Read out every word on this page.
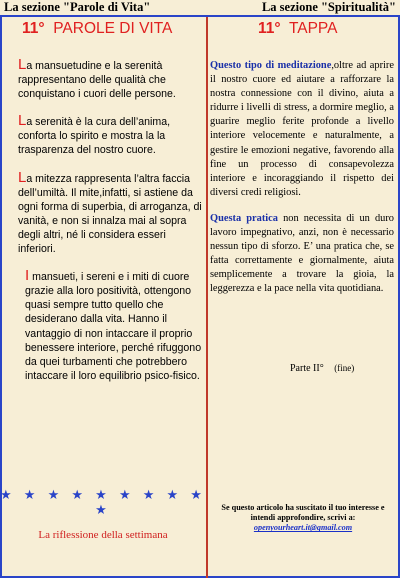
La sezione "Parole di Vita"	La sezione "Spiritualità"
11° PAROLE DI VITA	11° TAPPA

La mansuetudine e la serenità rappresentano delle qualità che conquistano i cuori delle persone.

La serenità è la cura dell’anima, conforta lo spirito e mostra la la trasparenza del nostro cuore.

La mitezza rappresenta l’altra faccia dell’umiltà. Il mite,infatti, si astiene da ogni forma di superbia, di arroganza, di vanità, e non si innalza mai al sopra degli altri, né li considera esseri inferiori.

I mansueti, i sereni e i miti di cuore grazie alla loro positività, ottengono quasi sempre tutto quello che desiderano dalla vita. Hanno il vantaggio di non intaccare il proprio benessere interiore, perché rifuggono da quei turbamenti che potrebbero intaccare il loro equilibrio psico-fisico.

★ ★ ★ ★ ★ ★ ★ ★ ★ ★
La riflessione della settimana

Questo tipo di meditazione,oltre ad aprire il nostro cuore ed aiutare a rafforzare la nostra connessione con il divino, aiuta a ridurre i livelli di stress, a dormire meglio, a guarire meglio ferite profonde a livello interiore velocemente e naturalmente, a gestire le emozioni negative, favorendo alla fine un processo di consapevolezza interiore e incoraggiando il rispetto dei diversi credi religiosi.

Questa pratica non necessita di un duro lavoro impegnativo, anzi, non è necessario nessun tipo di sforzo. E’ una pratica che, se fatta correttamente e giornalmente, aiuta semplicemente a trovare la gioia, la leggerezza e la pace nella vita quotidiana.

Parte II° (fine)
Se questo articolo ha suscitato il tuo interesse e intendi approfondire, scrivi a:
openyourheart.it@gmail.com
